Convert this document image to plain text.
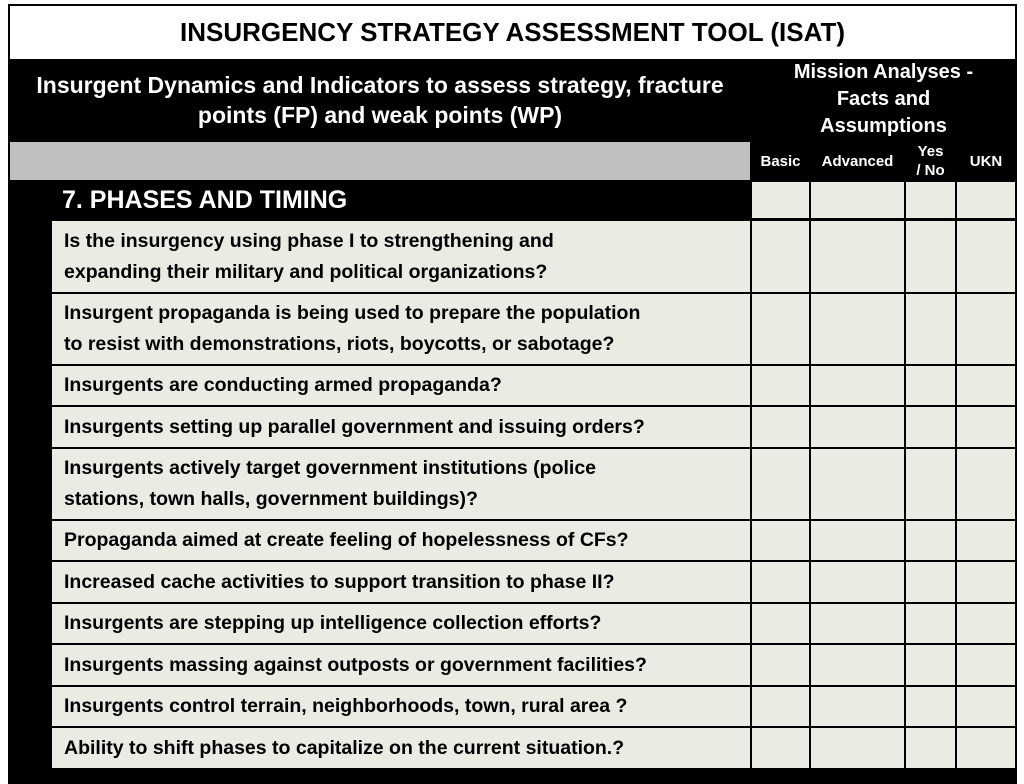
INSURGENCY STRATEGY ASSESSMENT TOOL (ISAT)
Insurgent Dynamics and Indicators to assess strategy, fracture points (FP) and weak points (WP)
Mission Analyses - Facts and Assumptions
Basic	Advanced
Yes / No
UKN
7. PHASES AND TIMING
Is the insurgency using phase I to strengthening and
expanding their military and political organizations?
Insurgent propaganda is being used to prepare the population
to resist with demonstrations, riots, boycotts, or sabotage?
Insurgents are conducting armed propaganda?
Insurgents setting up parallel government and issuing orders?
Insurgents actively target government institutions (police
stations, town halls, government buildings)?
Propaganda aimed at create feeling of hopelessness of CFs?
Increased cache activities to support transition to phase II?
Insurgents are stepping up intelligence collection efforts?
Insurgents massing against outposts or government facilities?
Insurgents control terrain, neighborhoods, town, rural area ?
Ability to shift phases to capitalize on the current situation.?
